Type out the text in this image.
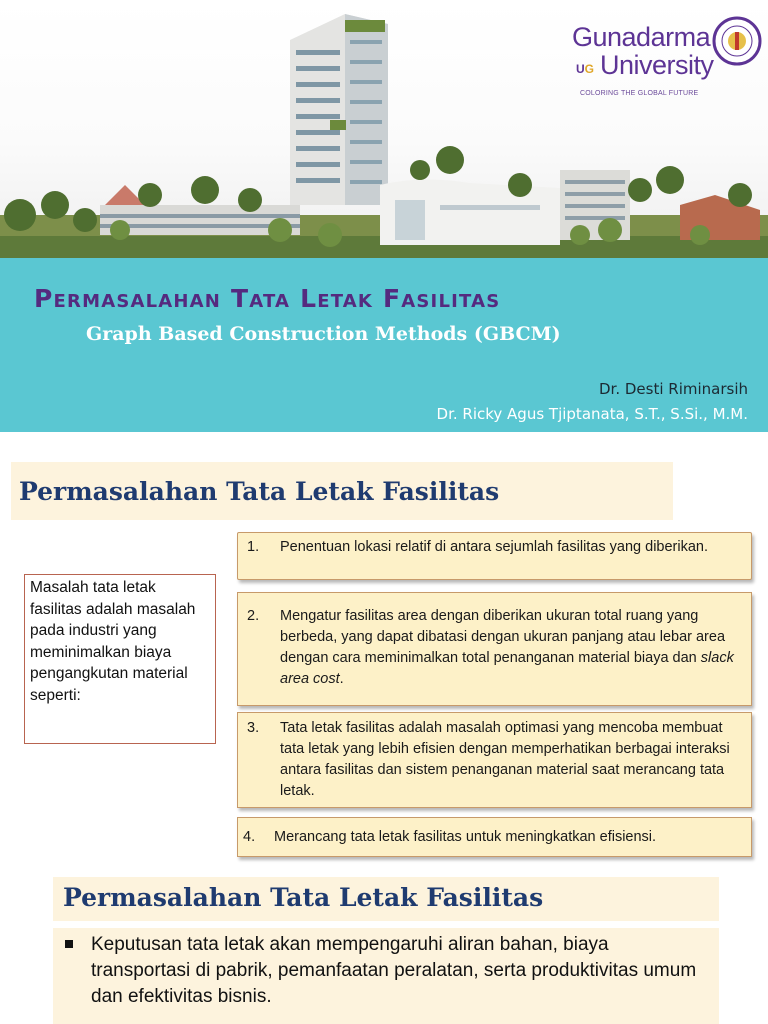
Gunadarma
UG University
COLORING THE GLOBAL FUTURE
Permasalahan Tata Letak Fasilitas
Graph Based Construction Methods (GBCM)
Dr. Desti Riminarsih
Dr. Ricky Agus Tjiptanata, S.T., S.Si., M.M.
Permasalahan Tata Letak Fasilitas
Masalah tata letak fasilitas adalah masalah pada industri yang meminimalkan biaya pengangkutan material seperti:
1. Penentuan lokasi relatif di antara sejumlah fasilitas yang diberikan.
2. Mengatur fasilitas area dengan diberikan ukuran total ruang yang berbeda, yang dapat dibatasi dengan ukuran panjang atau lebar area dengan cara meminimalkan total penanganan material biaya dan slack area cost.
3. Tata letak fasilitas adalah masalah optimasi yang mencoba membuat tata letak yang lebih efisien dengan memperhatikan berbagai interaksi antara fasilitas dan sistem penanganan material saat merancang tata letak.
4. Merancang tata letak fasilitas untuk meningkatkan efisiensi.
Permasalahan Tata Letak Fasilitas
Keputusan tata letak akan mempengaruhi aliran bahan, biaya transportasi di pabrik, pemanfaatan peralatan, serta produktivitas umum dan efektivitas bisnis.
